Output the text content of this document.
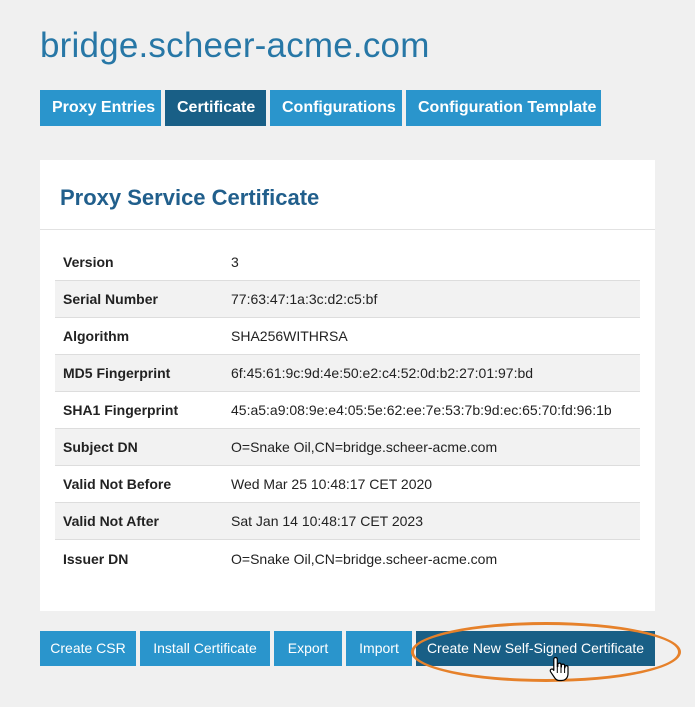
bridge.scheer-acme.com
Proxy Entries	Certificate	Configurations	Configuration Template
Proxy Service Certificate
Version	3
Serial Number	77:63:47:1a:3c:d2:c5:bf
Algorithm	SHA256WITHRSA
MD5 Fingerprint	6f:45:61:9c:9d:4e:50:e2:c4:52:0d:b2:27:01:97:bd
SHA1 Fingerprint	45:a5:a9:08:9e:e4:05:5e:62:ee:7e:53:7b:9d:ec:65:70:fd:96:1b
Subject DN	O=Snake Oil,CN=bridge.scheer-acme.com
Valid Not Before	Wed Mar 25 10:48:17 CET 2020
Valid Not After	Sat Jan 14 10:48:17 CET 2023
Issuer DN	O=Snake Oil,CN=bridge.scheer-acme.com
Create CSR	Install Certificate	Export	Import	Create New Self-Signed Certificate
